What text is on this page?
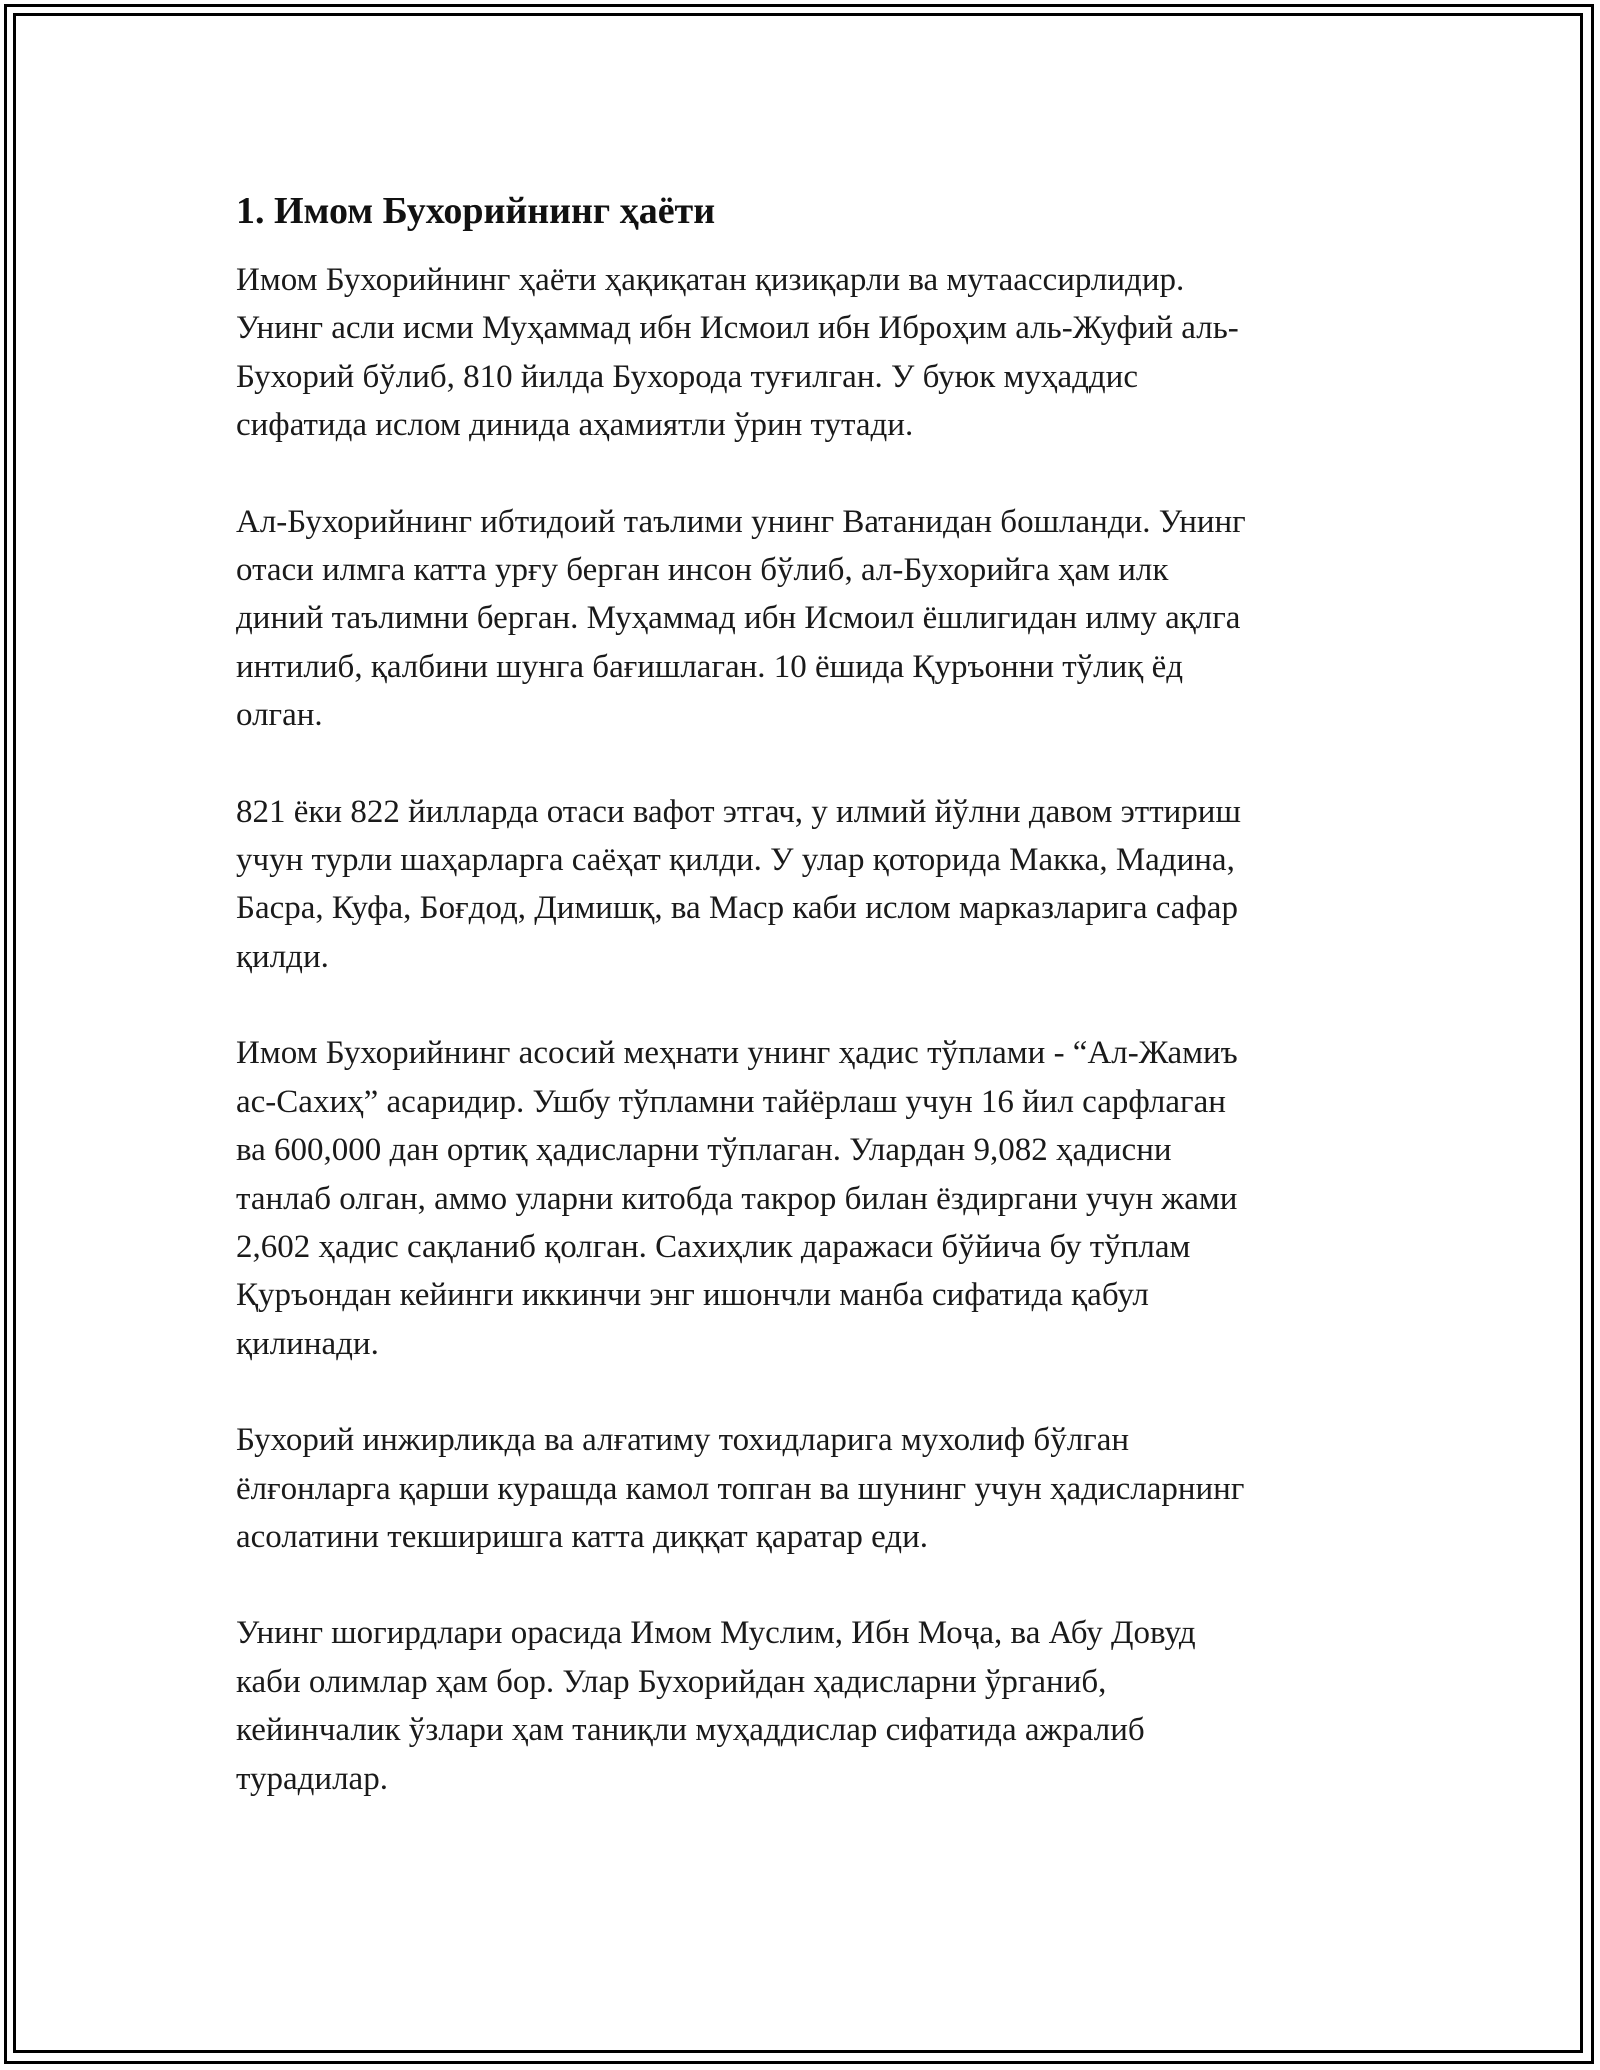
1. Имом Бухорийнинг ҳаёти

Имом Бухорийнинг ҳаёти ҳақиқатан қизиқарли ва мутаассирлидир.
Унинг асли исми Муҳаммад ибн Исмоил ибн Иброҳим аль-Жуфий аль-
Бухорий бўлиб, 810 йилда Бухорода туғилган. У буюк муҳаддис
сифатида ислом динида аҳамиятли ўрин тутади.

Ал-Бухорийнинг ибтидоий таълими унинг Ватанидан бошланди. Унинг
отаси илмга катта урғу берган инсон бўлиб, ал-Бухорийга ҳам илк
диний таълимни берган. Муҳаммад ибн Исмоил ёшлигидан илму ақлга
интилиб, қалбини шунга бағишлаган. 10 ёшида Қуръонни тўлиқ ёд
олган.

821 ёки 822 йилларда отаси вафот этгач, у илмий йўлни давом эттириш
учун турли шаҳарларга саёҳат қилди. У улар қоторида Макка, Мадина,
Басра, Куфа, Боғдод, Димишқ, ва Маср каби ислом марказларига сафар
қилди.

Имом Бухорийнинг асосий меҳнати унинг ҳадис тўплами - “Ал-Жамиъ
ас-Сахиҳ” асаридир. Ушбу тўпламни тайёрлаш учун 16 йил сарфлаган
ва 600,000 дан ортиқ ҳадисларни тўплаган. Улардан 9,082 ҳадисни
танлаб олган, аммо уларни китобда такрор билан ёздиргани учун жами
2,602 ҳадис сақланиб қолган. Сахиҳлик даражаси бўйича бу тўплам
Қуръондан кейинги иккинчи энг ишончли манба сифатида қабул
қилинади.

Бухорий инжирликда ва алғатиму тохидларига мухолиф бўлган
ёлғонларга қарши курашда камол топган ва шунинг учун ҳадисларнинг
асолатини текширишга катта диққат қаратар еди.

Унинг шогирдлари орасида Имом Муслим, Ибн Моҷа, ва Абу Довуд
каби олимлар ҳам бор. Улар Бухорийдан ҳадисларни ўрганиб,
кейинчалик ўзлари ҳам таниқли муҳаддислар сифатида ажралиб
турадилар.
